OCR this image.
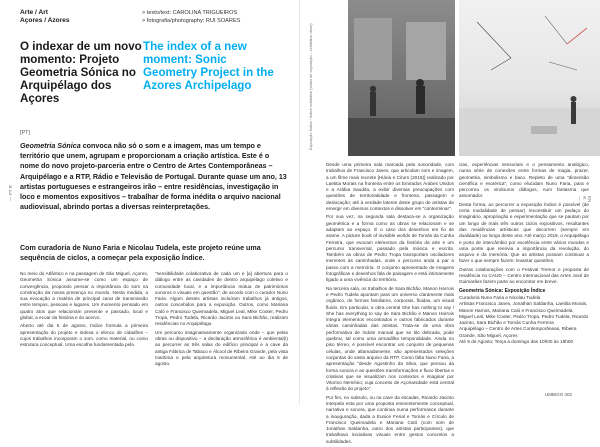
Arte / Art
Açores / Azores
> texto/text: CAROLINA TRIGUEIROS
> fotografia/photography: RUI SOARES
O indexar de um novo momento: Projeto Geometria Sónica no Arquipélago dos Açores
The index of a new moment: Sonic Geometry Project in the Azores Archipelago
[PT]
Geometria Sónica convoca não só o som e a imagem, mas um tempo e território que unem, agrupam e proporcionam a criação artística. Este é o nome do novo projeto-parceria entre o Centro de Artes Contemporâneas – Arquipélago e a RTP, Rádio e Televisão de Portugal. Durante quase um ano, 13 artistas portugueses e estrangeiros irão – entre residências, investigação in loco e momentos expositivos – trabalhar de forma inédita o arquivo nacional audiovisual, abrindo portas a diversas reinterpretações.
Com curadoria de Nuno Faria e Nicolau Tudela, este projeto reúne uma sequência de ciclos, a começar pela exposição Índice.

No meio do Atlântico e na passagem de São Miguel, Açores, Geometria Sónica assume-se como um espaço de convergência, propondo pensar a importância do som na construção da nossa presença no mundo. Nesta medida, a sua evocação a matéria de principal carat de transmissão entre tempos, pessoas e lugares. Um momento pensado em quatro atos que relacionam presente e passado, local e global, a ecoar da história e do acervo.

Aberto até dia 5 de agosto, Índice formula a primeira apresentação do projeto e indexa o elenco de cidadões – cujos trabalhos incorporam o som, como material, ou como estrutura conceptual. Uma escolha fundamentada pela

"sensibilidade colaborativa de cada um e [a] abertura para o diálogo entre as cavidades de dentro arquipélago coletivo e comunidade local, e a importância mútua de patrimónios sonoros e visuais em questão", de acordo com o curador Nuno Faria. Algum destes artistas incluíram trabalhos já antigos, outros concebidos para a exposição. Outros, como Mariana Caló e Francisco Queimadela, Miguel Leal, Mike Cooter, Pedro Tropa, Pedro Tudela, Ricardo Jacinto ou Sara Bichão, realizam residências no Arquipélago.

Um percurso imaginativamente organizado onde – que pelas obras ou dispositivo – a declaração atmosférica é ambiental(!) ao percorrer as três salas do edifício principal e a cave da antiga Fábrica de Tabaco e Álcool de Ribeira Grande, pela vista maritima e pela arquitetura monumental. Até ao dia 5 de agosto.

— PT R
Exposição Índice / Índice exhibition (vistas de exposição – exhibition views)

Desde uma primeira sala marcada pela sonoridade, com trabalhos de Francisco Janes, que articulam som e imagem, a um filme mais recente [Hiária e Cirurs (2018)] realizado por Laetitia Morais na fronteira entre os Emirados Árabes Unidos e a Arábia Saudita, a exibir diversas preocupações com questões de territorialidade e fronteira, passagem e deslocação; até à verdade latente deste grupo de artistas de emergir em diversos contextos e dissolver em "conterminar".

Por sua vez, na segunda sala destaca-se a organização geométrica e a forma como as obras se relacionam e se adaptam ao espaço. É o caso dos desenhos em fio de arame. A picture book of invisible worlds de Tomás da Cunha Ferreira, que evocam elementos da história da arte e um percurso transversal, passado pela música e escrita. Também as obras de Pedro Tropa transportam osciladores inerentes às caminhadas, onde o percurso anda a par a passo com a memória. O conjunto apresentado de imagens fotográficas e desenhos fala de paisagem e está intimamente ligado a uma vivência do território.

Na terceira sala, os trabalhos de Sara Bichão, Manon Harrois e Pedro Tudela apontam para um universo claramente mais orgânico, de formas familiares, corporais, fluidas, um visual fluido. Em particular, a obra central She has nothing to say / She has everything to say de Sara Bichão e Manon Harrois integra elementos encontrados e outros fabricados durante várias caminhadas das artistas. Trata-se de uma obra performativa de índole manual que se tilo delicada, pode quebrar, tal como uma armadilha temporalidade. Ainda no piso térreo, é possível encontrar um conjunto de pequenas células, onde altamadamente, são apresentados seleções conjuntas do vasto arquivo da RTP. Como falta Nuno Faria, a apresentação "desde Agostinho da Silva, que pensou da forma sonora e as questões transformações e fluxo libertas e criativas que se visualizam nos contextos e imaginar por Vitorino Nemésio; cuja conceito de Açorianidade está central à reflexão do projeto".

Por fim, no subsolo, ou na cave da escadas, Ricardo Jacinto interpela esta por uma proposta eminentemente conceptual, narrativa e sonora, que continua numa performance durante a inauguração, dada a Eunice Ferial e Tomás e Círculo de Francisco Queimadela e Mariana Caló (com som de Jonathan Saldanha, outro dos artistas participantes), que trabalhava iniciativas visuais entre gestos concretos a subtilidades.

cias, experiências sensoriais e o pensamento analógico, numa série de conexões entre formas de magia, prazer, geometria, simbolismo e baco. Repleto de uma "dimensão científica e esotérica", como elucidam Nuno Faria, para e percorreu os vindouros diálogos, num fantasma que assomador.

Desta forma, ao percorrer a exposição Índice é possível (de certa modalidade de pensar) reconstituir um pedaço do imaginário, apropriação e experimentação que se pautam por um longo de mais três outros ciclos expositivos, resultantes das residências artísticas que decorrem (sempre em dualidade) ao longo deste ano. Até março 2019, o Arquipélago e porto de intercâmbio por excelência entre vários mundos e uma ponte que reenvia a importância da revolução, do arquivo e da memória. Que as artistas possam continuar a fazer o que sempre fazem: levantar questões.

Outras colaborações com o Festival Tremor e proposta de residência no CAUD – Centro Internacional das Artes José de Guimarães fazem parte ao encontrar em breve.

Geometria Sónica: Exposição Índice
Curadoria Nuno Faria e Nicolau Tudela
Artistas Francisco Janes, Jonathan Saldanha, Laetitia Morais,
Manon Harrois, Mariana Caló e Francisco Queimadela,
Miguel Leal, Mike Cooter, Pedro Tropa, Pedro Tudela, Ricardo
Jacinto, Sara Bichão e Tomás Cunha Ferreira
Arquipélago – Centro de Artes Contemporâneas, Ribeira
Grande, São Miguel, Açores
Até 5 de Agosto; Terça a domingo das 10h00 às 18h00
UMBIGO 402
EN R —
